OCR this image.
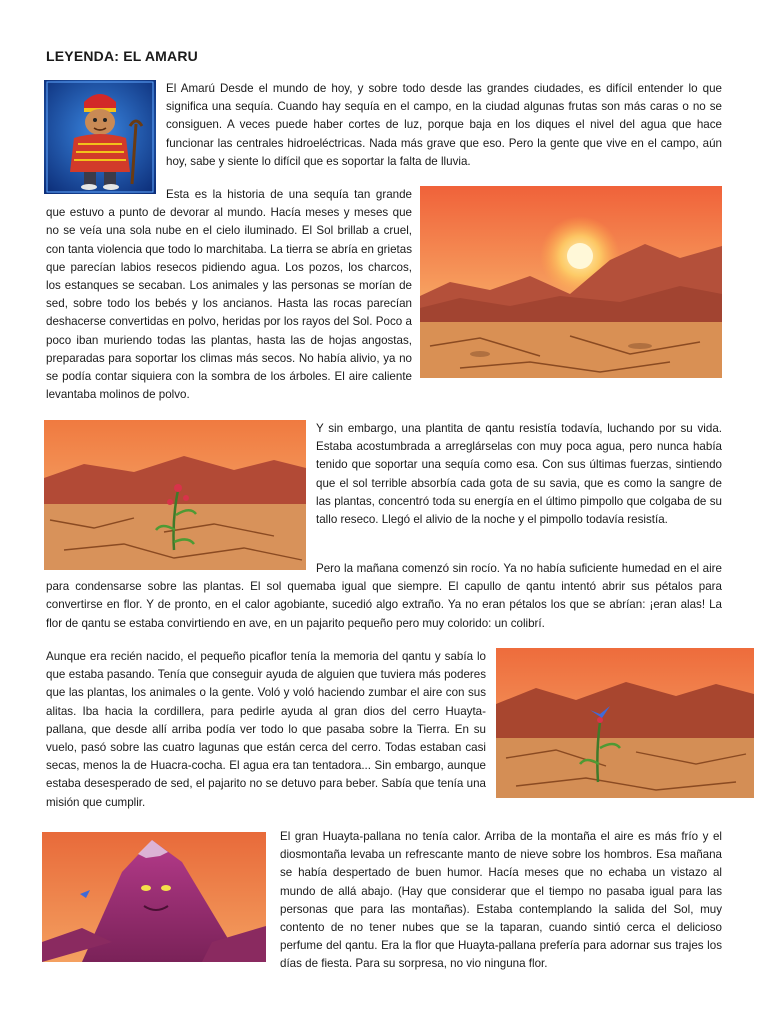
LEYENDA: EL AMARU

El Amarú Desde el mundo de hoy, y sobre todo desde las grandes ciudades, es difícil entender lo que significa una sequía. Cuando hay sequía en el campo, en la ciudad algunas frutas son más caras o no se consiguen. A veces puede haber cortes de luz, porque baja en los diques el nivel del agua que hace funcionar las centrales hidroeléctricas. Nada más grave que eso. Pero la gente que vive en el campo, aún hoy, sabe y siente lo difícil que es soportar la falta de lluvia.

Esta es la historia de una sequía tan grande que estuvo a punto de devorar al mundo. Hacía meses y meses que no se veía una sola nube en el cielo iluminado. El Sol brillab a cruel, con tanta violencia que todo lo marchitaba. La tierra se abría en grietas que parecían labios resecos pidiendo agua. Los pozos, los charcos, los estanques se secaban. Los animales y las personas se morían de sed, sobre todo los bebés y los ancianos. Hasta las rocas parecían deshacerse convertidas en polvo, heridas por los rayos del Sol. Poco a poco iban muriendo todas las plantas, hasta las de hojas angostas, preparadas para soportar los climas más secos. No había alivio, ya no se podía contar siquiera con la sombra de los árboles. El aire caliente levantaba molinos de polvo.

Y sin embargo, una plantita de qantu resistía todavía, luchando por su vida. Estaba acostumbrada a arreglárselas con muy poca agua, pero nunca había tenido que soportar una sequía como esa. Con sus últimas fuerzas, sintiendo que el sol terrible absorbía cada gota de su savia, que es como la sangre de las plantas, concentró toda su energía en el último pimpollo que colgaba de su tallo reseco. Llegó el alivio de la noche y el pimpollo todavía resistía.

Pero la mañana comenzó sin rocío. Ya no había suficiente humedad en el aire para condensarse sobre las plantas. El sol quemaba igual que siempre. El capullo de qantu intentó abrir sus pétalos para convertirse en flor. Y de pronto, en el calor agobiante, sucedió algo extraño. Ya no eran pétalos los que se abrían: ¡eran alas! La flor de qantu se estaba convirtiendo en ave, en un pajarito pequeño pero muy colorido: un colibrí.

Aunque era recién nacido, el pequeño picaflor tenía la memoria del qantu y sabía lo que estaba pasando. Tenía que conseguir ayuda de alguien que tuviera más poderes que las plantas, los animales o la gente. Voló y voló haciendo zumbar el aire con sus alitas. Iba hacia la cordillera, para pedirle ayuda al gran dios del cerro Huayta-pallana, que desde allí arriba podía ver todo lo que pasaba sobre la Tierra. En su vuelo, pasó sobre las cuatro lagunas que están cerca del cerro. Todas estaban casi secas, menos la de Huacra-cocha. El agua era tan tentadora... Sin embargo, aunque estaba desesperado de sed, el pajarito no se detuvo para beber. Sabía que tenía una misión que cumplir.

El gran Huayta-pallana no tenía calor. Arriba de la montaña el aire es más frío y el diosmontaña levaba un refrescante manto de nieve sobre los hombros. Esa mañana se había despertado de buen humor. Hacía meses que no echaba un vistazo al mundo de allá abajo. (Hay que considerar que el tiempo no pasaba igual para las personas que para las montañas). Estaba contemplando la salida del Sol, muy contento de no tener nubes que se la taparan, cuando sintió cerca el delicioso perfume del qantu. Era la flor que Huayta-pallana prefería para adornar sus trajes los días de fiesta. Para su sorpresa, no vio ninguna flor.
